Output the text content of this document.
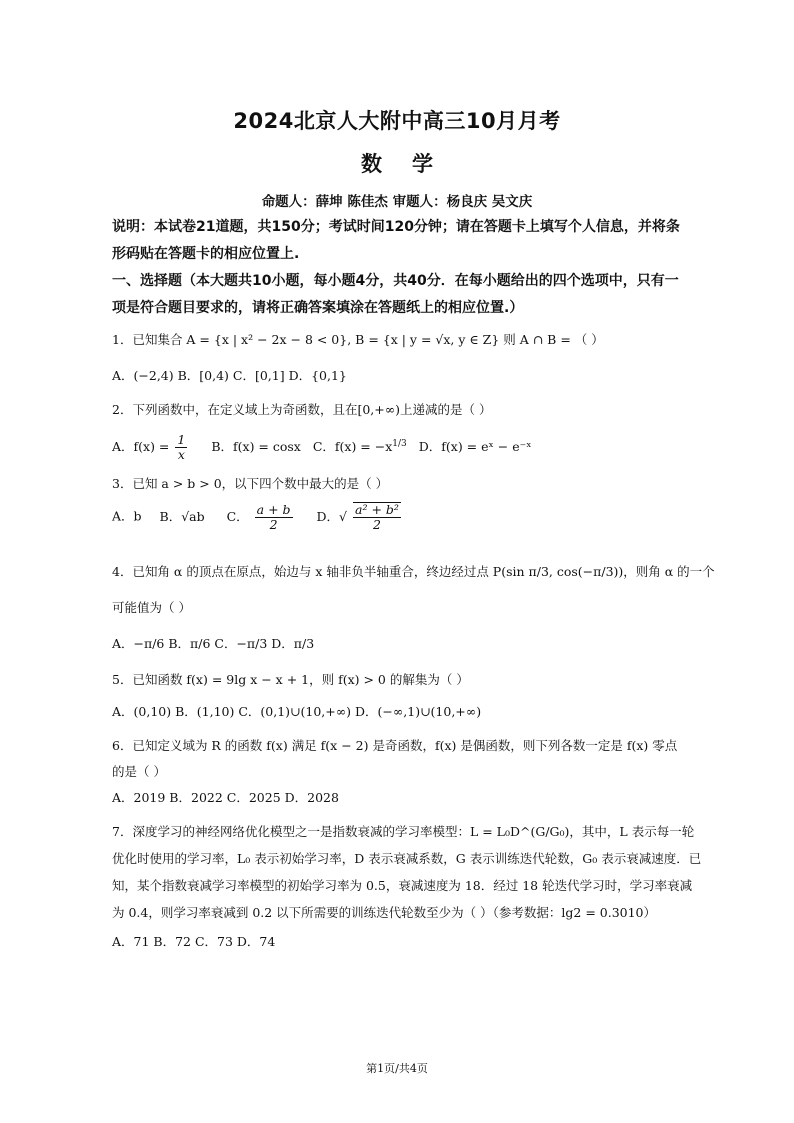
2024北京人大附中高三10月月考
数学
命题人：薛坤 陈佳杰 审题人：杨良庆 吴文庆
说明：本试卷21道题，共150分；考试时间120分钟；请在答题卡上填写个人信息，并将条形码贴在答题卡的相应位置上.
一、选择题（本大题共10小题，每小题4分，共40分．在每小题给出的四个选项中，只有一项是符合题目要求的，请将正确答案填涂在答题纸上的相应位置.）
1．已知集合 A = {x | x² − 2x − 8 < 0}, B = {x | y = √x, y ∈ Z} 则 A ∩ B = （ ）
A．(−2,4) B．[0,4) C．[0,1] D．{0,1}
2．下列函数中，在定义域上为奇函数，且在[0,+∞)上递减的是（ ）
A．$f(x) = \frac{1}{x}$ B．f(x) = cosx C．$f(x) = -x^{1/3}$ D．f(x) = eˣ − e⁻ˣ
3．已知 a > b > 0，以下四个数中最大的是（ ）
A．b B．√ab C． $\frac{a + b}{2}$ D．√ $\frac{\text{a² + b²}}{2}$
4．已知角 α 的顶点在原点，始边与 x 轴非负半轴重合，终边经过点 P(sin π/3, cos(−π/3))，则角 α 的一个
可能值为（ ）
A．−π/6 B．π/6 C．−π/3 D．π/3
5．已知函数 f(x) = 9lg x − x + 1，则 f(x) > 0 的解集为（ ）
A．(0,10) B．(1,10) C．(0,1)∪(10,+∞) D．(−∞,1)∪(10,+∞)
6．已知定义域为 R 的函数 f(x) 满足 f(x − 2) 是奇函数，f(x) 是偶函数，则下列各数一定是 f(x) 零点
的是（ ）
A．2019 B．2022 C．2025 D．2028
7．深度学习的神经网络优化模型之一是指数衰减的学习率模型：L = L₀D^(G/G₀)，其中，L 表示每一轮优化时使用的学习率，L₀ 表示初始学习率，D 表示衰减系数，G 表示训练迭代轮数，G₀ 表示衰减速度．已知，某个指数衰减学习率模型的初始学习率为 0.5，衰减速度为 18．经过 18 轮迭代学习时，学习率衰减为 0.4，则学习率衰减到 0.2 以下所需要的训练迭代轮数至少为（ ）（参考数据：lg2 = 0.3010）
A．71 B．72 C．73 D．74
第1页/共4页
